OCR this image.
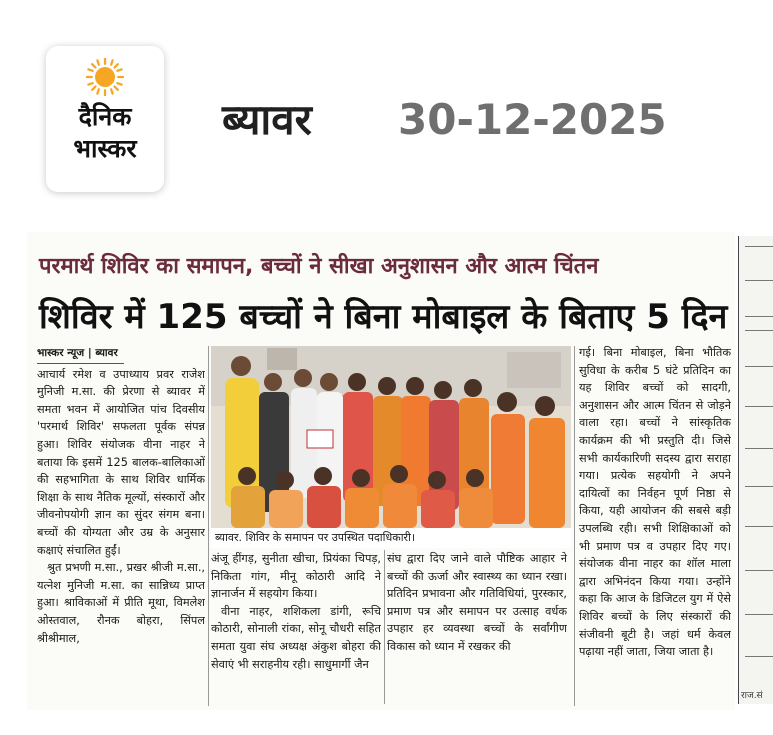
दैनिक
भास्कर
ब्यावर 30-12-2025
परमार्थ शिविर का समापन, बच्चों ने सीखा अनुशासन और आत्म चिंतन
शिविर में 125 बच्चों ने बिना मोबाइल के बिताए 5 दिन
भास्कर न्यूज | ब्यावर

आचार्य रमेश व उपाध्याय प्रवर राजेश मुनिजी म.सा. की प्रेरणा से ब्यावर में समता भवन में आयोजित पांच दिवसीय 'परमार्थ शिविर' सफलता पूर्वक संपन्न हुआ। शिविर संयोजक वीना नाहर ने बताया कि इसमें 125 बालक-बालिकाओं की सहभागिता के साथ शिविर धार्मिक शिक्षा के साथ नैतिक मूल्यों, संस्कारों और जीवनोपयोगी ज्ञान का सुंदर संगम बना। बच्चों की योग्यता और उम्र के अनुसार कक्षाएं संचालित हुईं।

श्रुत प्रभणी म.सा., प्रखर श्रीजी म.सा., यत्नेश मुनिजी म.सा. का सान्निध्य प्राप्त हुआ। श्राविकाओं में प्रीति मूथा, विमलेश ओस्तवाल, रौनक बोहरा, सिंपल श्रीश्रीमाल,

ब्यावर. शिविर के समापन पर उपस्थित पदाधिकारी।

अंजू हींगड़, सुनीता खीचा, प्रियंका चिपड़, निकिता गांग, मीनू कोठारी आदि ने ज्ञानार्जन में सहयोग किया।

वीना नाहर, शशिकला डांगी, रूचि कोठारी, सोनाली रांका, सोनू चौधरी सहित समता युवा संघ अध्यक्ष अंकुश बोहरा की सेवाएं भी सराहनीय रही। साधुमार्गी जैन

संघ द्वारा दिए जाने वाले पौष्टिक आहार ने बच्चों की ऊर्जा और स्वास्थ्य का ध्यान रखा। प्रतिदिन प्रभावना और गतिविधियां, पुरस्कार, प्रमाण पत्र और समापन पर उत्साह वर्धक उपहार हर व्यवस्था बच्चों के सर्वांगीण विकास को ध्यान में रखकर की

गई। बिना मोबाइल, बिना भौतिक सुविधा के करीब 5 घंटे प्रतिदिन का यह शिविर बच्चों को सादगी, अनुशासन और आत्म चिंतन से जोड़ने वाला रहा। बच्चों ने सांस्कृतिक कार्यक्रम की भी प्रस्तुति दी। जिसे सभी कार्यकारिणी सदस्य द्वारा सराहा गया। प्रत्येक सहयोगी ने अपने दायित्वों का निर्वहन पूर्ण निष्ठा से किया, यही आयोजन की सबसे बड़ी उपलब्धि रही। सभी शिक्षिकाओं को भी प्रमाण पत्र व उपहार दिए गए। संयोजक वीना नाहर का शॉल माला द्वारा अभिनंदन किया गया। उन्होंने कहा कि आज के डिजिटल युग में ऐसे शिविर बच्चों के लिए संस्कारों की संजीवनी बूटी है। जहां धर्म केवल पढ़ाया नहीं जाता, जिया जाता है।

राज.सं
